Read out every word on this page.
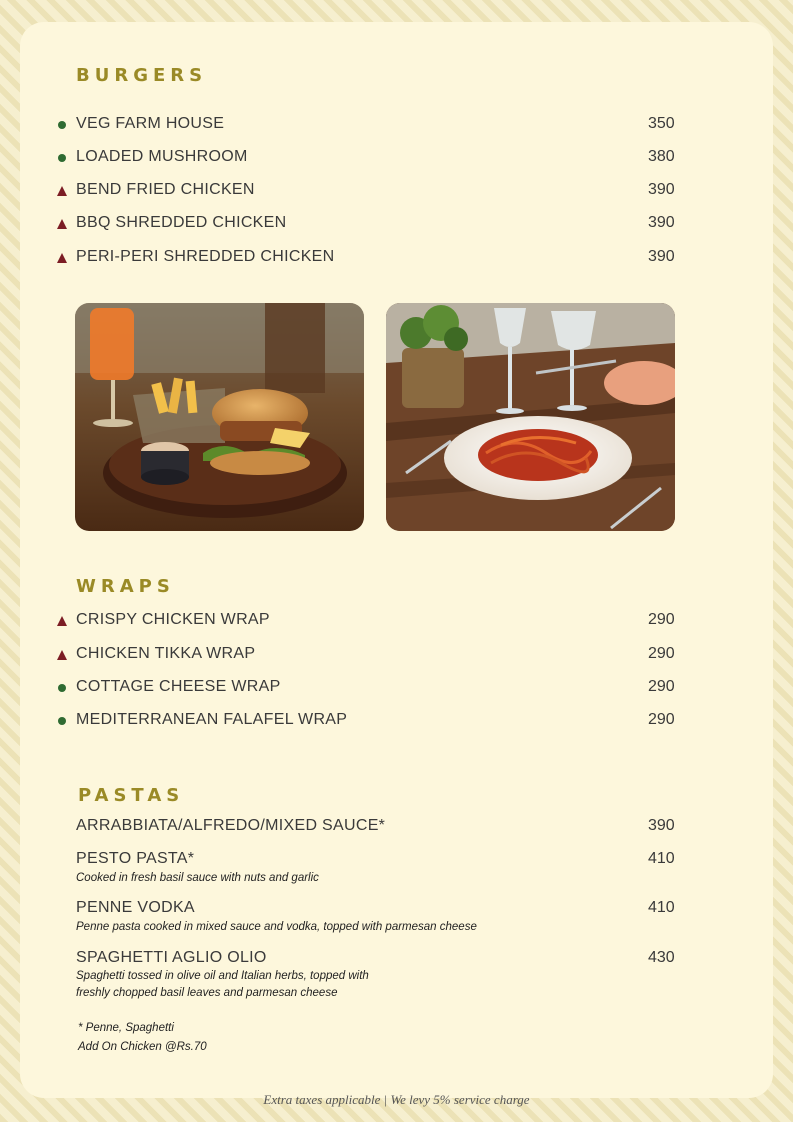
BURGERS
VEG FARM HOUSE	350
LOADED MUSHROOM	380
BEND FRIED CHICKEN	390
BBQ SHREDDED CHICKEN	390
PERI-PERI SHREDDED CHICKEN	390
WRAPS
CRISPY CHICKEN WRAP	290
CHICKEN TIKKA WRAP	290
COTTAGE CHEESE WRAP	290
MEDITERRANEAN FALAFEL WRAP	290
PASTAS
ARRABBIATA/ALFREDO/MIXED SAUCE*	390
PESTO PASTA*	410
Cooked in fresh basil sauce with nuts and garlic
PENNE VODKA	410
Penne pasta cooked in mixed sauce and vodka, topped with parmesan cheese
SPAGHETTI AGLIO OLIO	430
Spaghetti tossed in olive oil and Italian herbs, topped with
freshly chopped basil leaves and parmesan cheese
* Penne, Spaghetti
Add On Chicken @Rs.70
Extra taxes applicable | We levy 5% service charge
